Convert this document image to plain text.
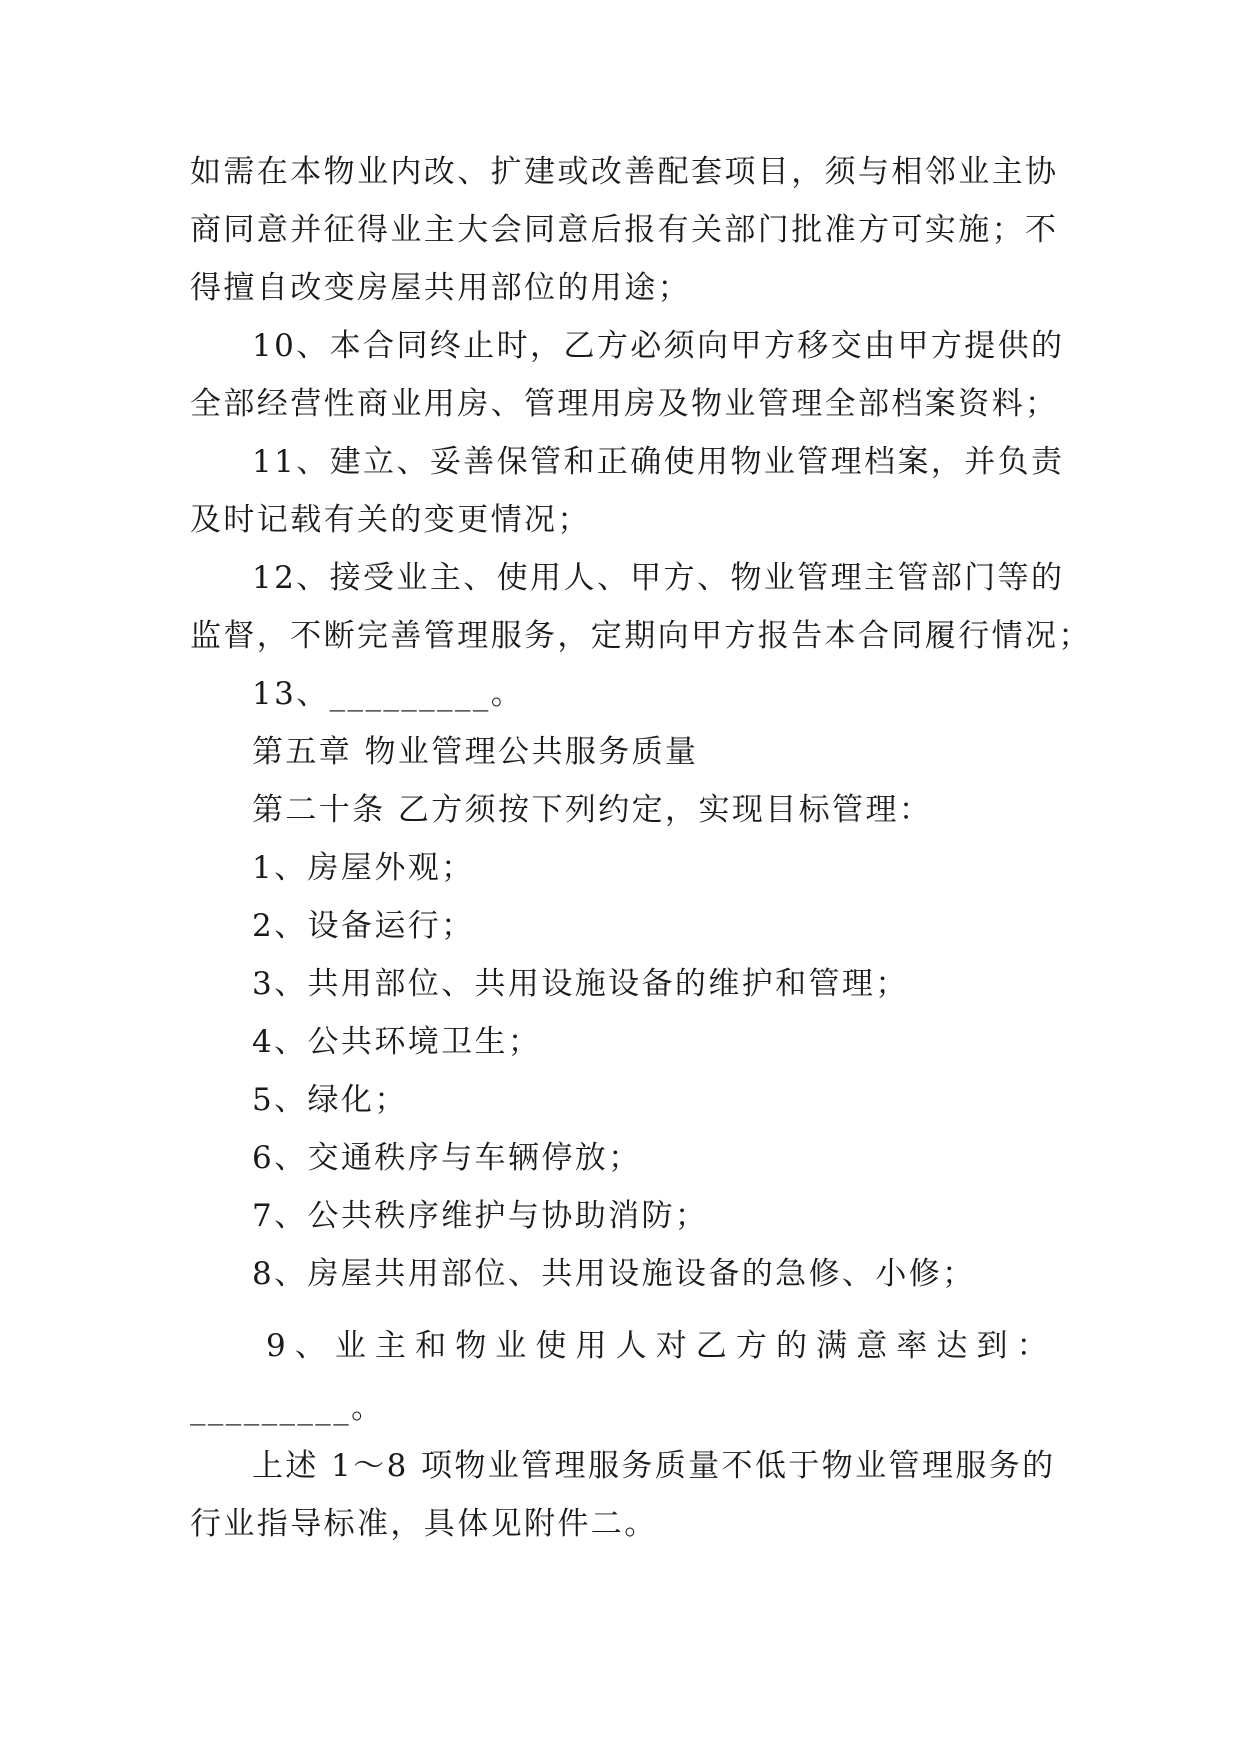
如需在本物业内改、扩建或改善配套项目，须与相邻业主协
商同意并征得业主大会同意后报有关部门批准方可实施；不
得擅自改变房屋共用部位的用途；
10、本合同终止时，乙方必须向甲方移交由甲方提供的
全部经营性商业用房、管理用房及物业管理全部档案资料；
11、建立、妥善保管和正确使用物业管理档案，并负责
及时记载有关的变更情况；
12、接受业主、使用人、甲方、物业管理主管部门等的
监督，不断完善管理服务，定期向甲方报告本合同履行情况；
13、_________。
第五章 物业管理公共服务质量
第二十条 乙方须按下列约定，实现目标管理：
1、房屋外观；
2、设备运行；
3、共用部位、共用设施设备的维护和管理；
4、公共环境卫生；
5、绿化；
6、交通秩序与车辆停放；
7、公共秩序维护与协助消防；
8、房屋共用部位、共用设施设备的急修、小修；
9、业主和物业使用人对乙方的满意率达到：
_________。
上述 1～8 项物业管理服务质量不低于物业管理服务的
行业指导标准，具体见附件二。
